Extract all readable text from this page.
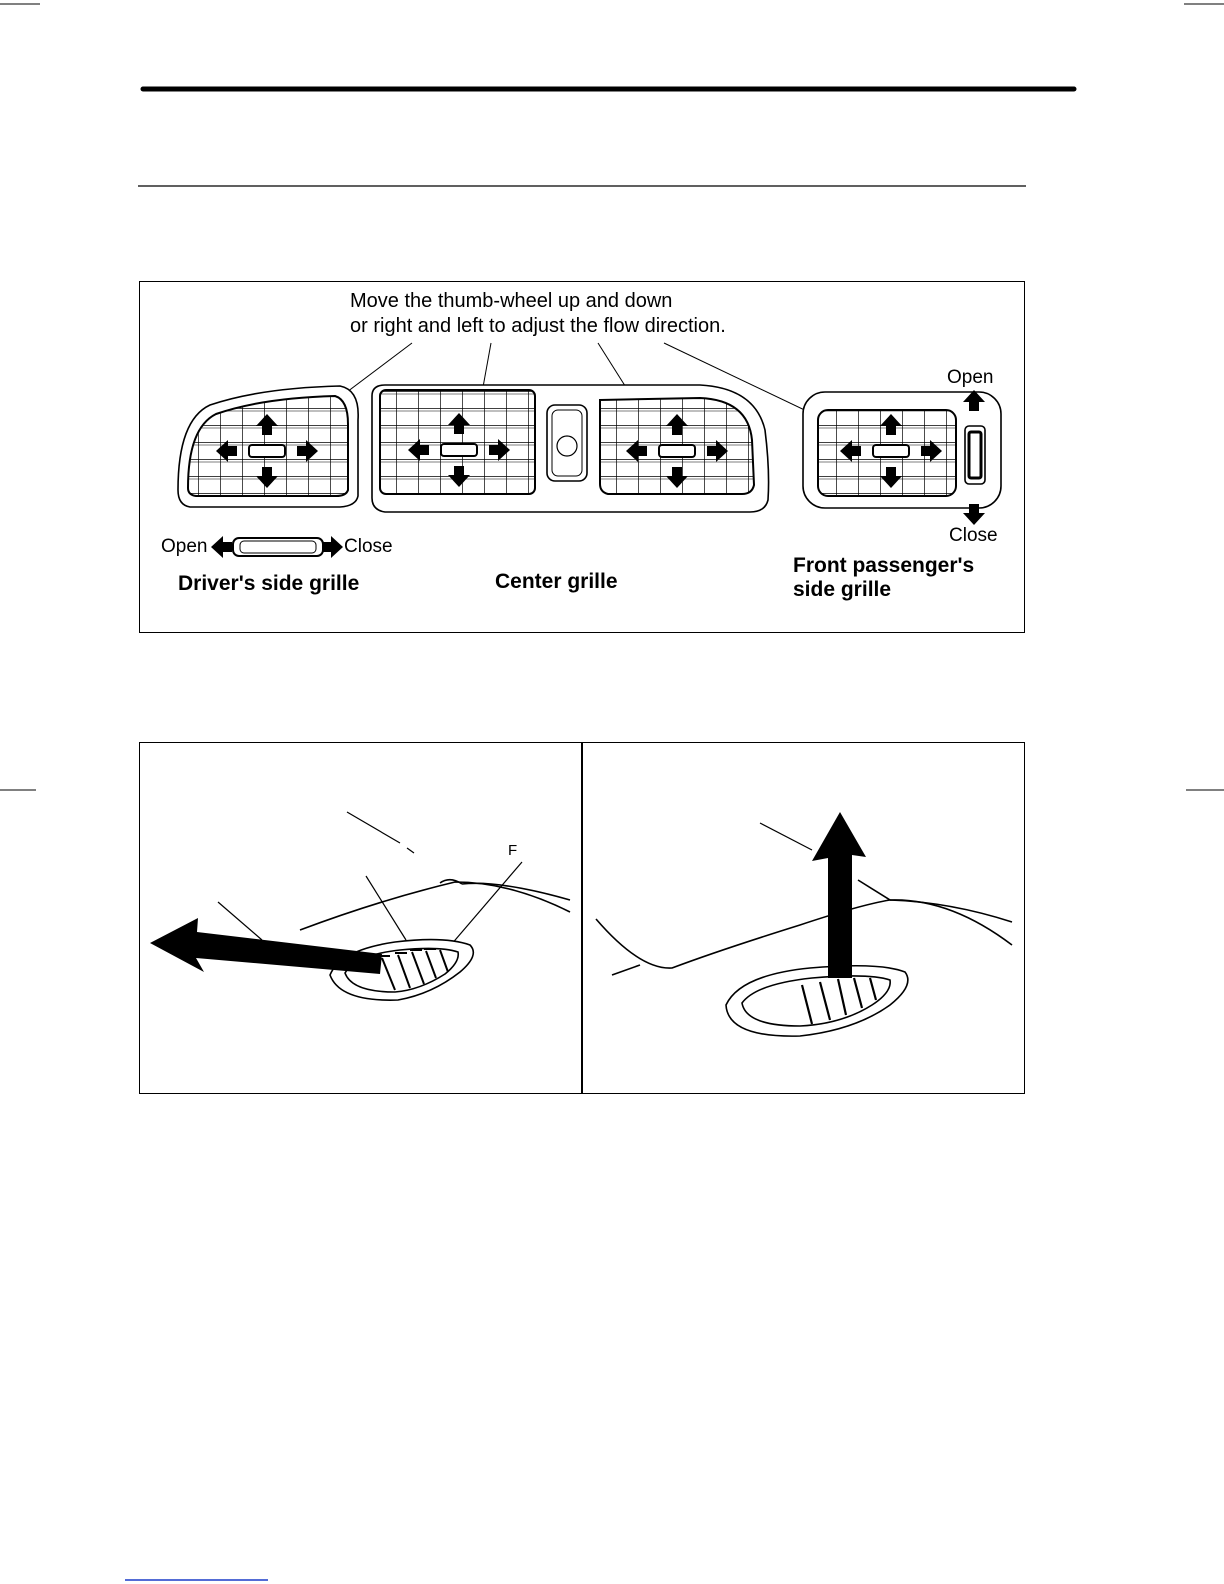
Move the thumb-wheel up and down
or right and left to adjust the flow direction.
Open
Close
Open	Close
Driver's side grille	Center grille
Front passenger's
side grille
F
